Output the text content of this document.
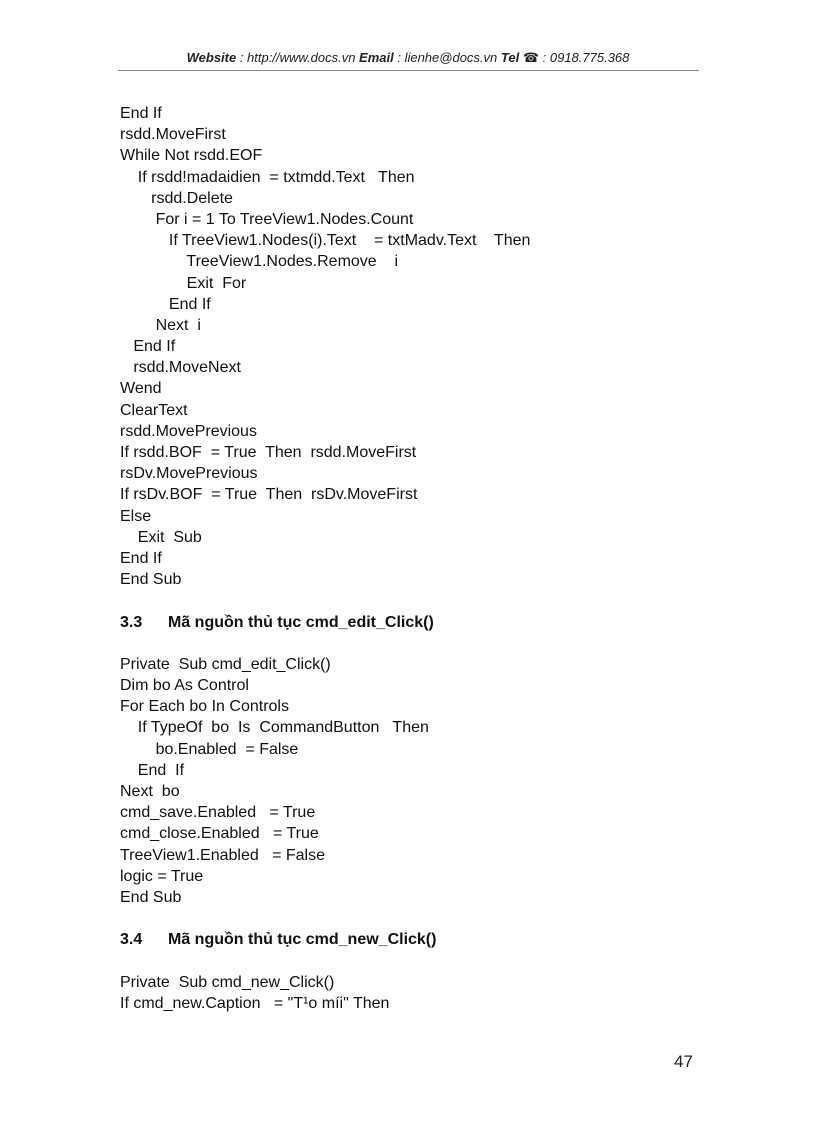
Website : http://www.docs.vn Email : lienhe@docs.vn Tel ☎ : 0918.775.368
End If
rsdd.MoveFirst
While Not rsdd.EOF
If rsdd!madaidien  = txtmdd.Text   Then
rsdd.Delete
For i = 1 To TreeView1.Nodes.Count
If TreeView1.Nodes(i).Text    = txtMadv.Text    Then
TreeView1.Nodes.Remove    i
Exit  For
End If
Next  i
End If
rsdd.MoveNext
Wend
ClearText
rsdd.MovePrevious
If rsdd.BOF  = True  Then  rsdd.MoveFirst
rsDv.MovePrevious
If rsDv.BOF  = True  Then  rsDv.MoveFirst
Else
Exit  Sub
End If
End Sub
3.3 Mã nguồn thủ tục cmd_edit_Click()
Private  Sub cmd_edit_Click()
Dim bo As Control
For Each bo In Controls
If TypeOf  bo  Is  CommandButton   Then
bo.Enabled  = False
End  If
Next  bo
cmd_save.Enabled   = True
cmd_close.Enabled   = True
TreeView1.Enabled   = False
logic = True
End Sub
3.4 Mã nguồn thủ tục cmd_new_Click()
Private  Sub cmd_new_Click()
If cmd_new.Caption   = "T¹o míi" Then
47
